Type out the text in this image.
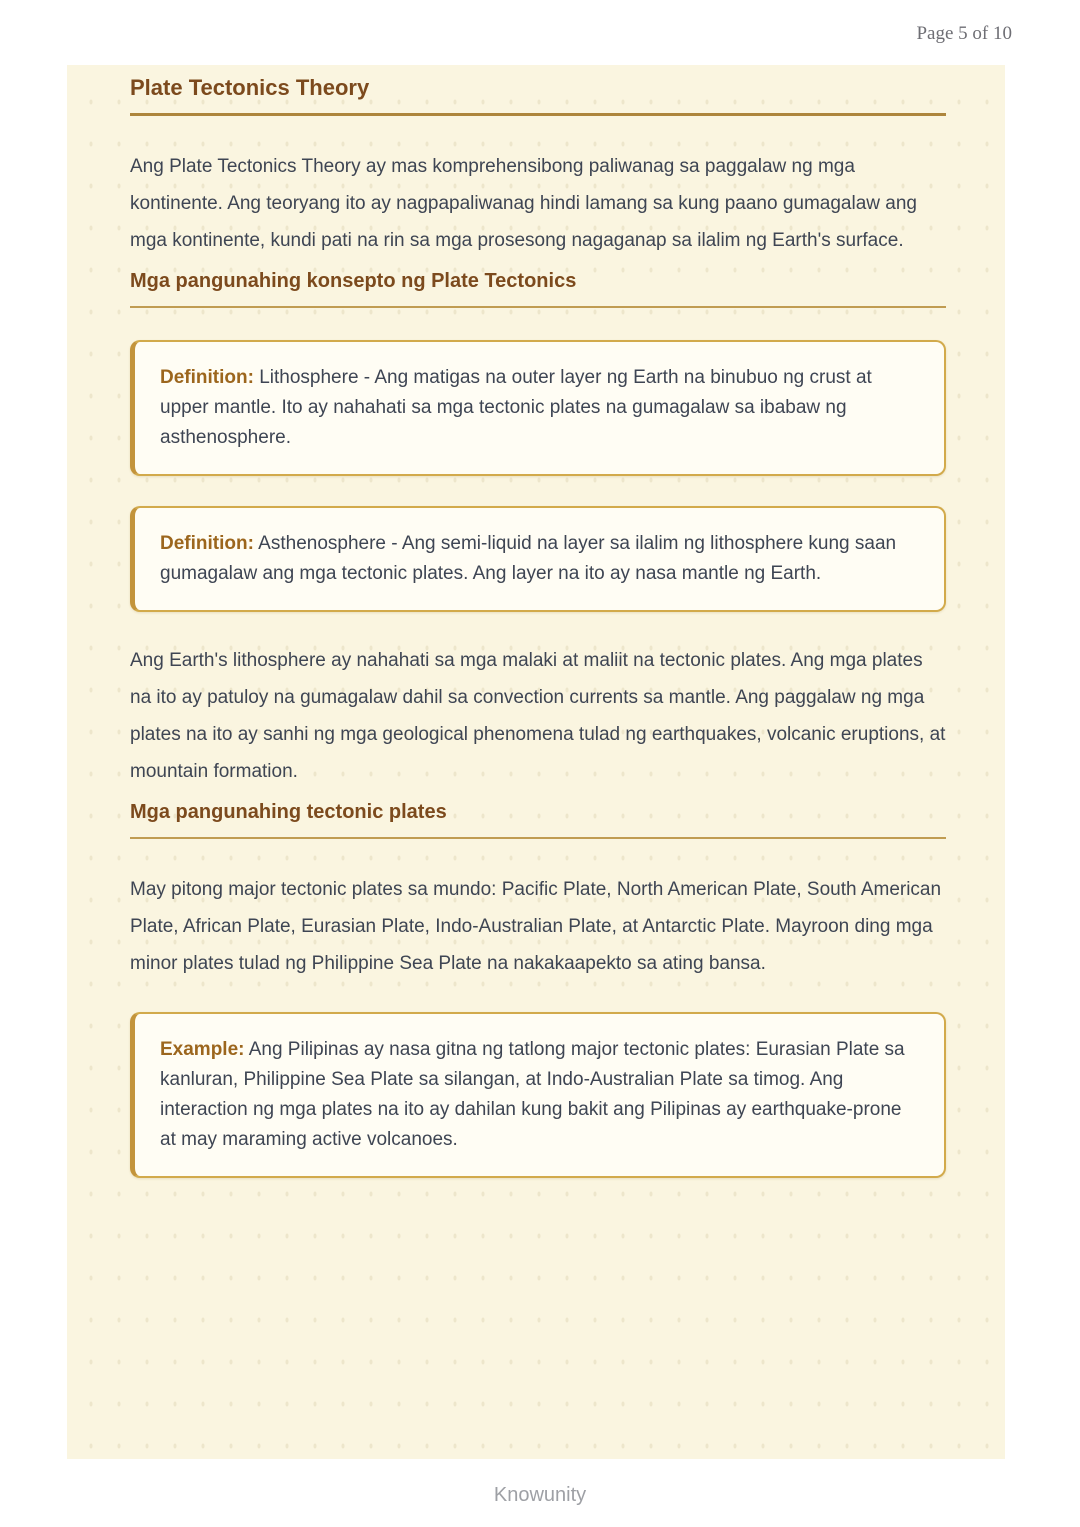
Page 5 of 10
Plate Tectonics Theory

Ang Plate Tectonics Theory ay mas komprehensibong paliwanag sa paggalaw ng mga kontinente. Ang teoryang ito ay nagpapaliwanag hindi lamang sa kung paano gumagalaw ang mga kontinente, kundi pati na rin sa mga prosesong nagaganap sa ilalim ng Earth's surface.

Mga pangunahing konsepto ng Plate Tectonics

Definition: Lithosphere - Ang matigas na outer layer ng Earth na binubuo ng crust at upper mantle. Ito ay nahahati sa mga tectonic plates na gumagalaw sa ibabaw ng asthenosphere.

Definition: Asthenosphere - Ang semi-liquid na layer sa ilalim ng lithosphere kung saan gumagalaw ang mga tectonic plates. Ang layer na ito ay nasa mantle ng Earth.

Ang Earth's lithosphere ay nahahati sa mga malaki at maliit na tectonic plates. Ang mga plates na ito ay patuloy na gumagalaw dahil sa convection currents sa mantle. Ang paggalaw ng mga plates na ito ay sanhi ng mga geological phenomena tulad ng earthquakes, volcanic eruptions, at mountain formation.

Mga pangunahing tectonic plates

May pitong major tectonic plates sa mundo: Pacific Plate, North American Plate, South American Plate, African Plate, Eurasian Plate, Indo-Australian Plate, at Antarctic Plate. Mayroon ding mga minor plates tulad ng Philippine Sea Plate na nakakaapekto sa ating bansa.

Example: Ang Pilipinas ay nasa gitna ng tatlong major tectonic plates: Eurasian Plate sa kanluran, Philippine Sea Plate sa silangan, at Indo-Australian Plate sa timog. Ang interaction ng mga plates na ito ay dahilan kung bakit ang Pilipinas ay earthquake-prone at may maraming active volcanoes.

Knowunity
